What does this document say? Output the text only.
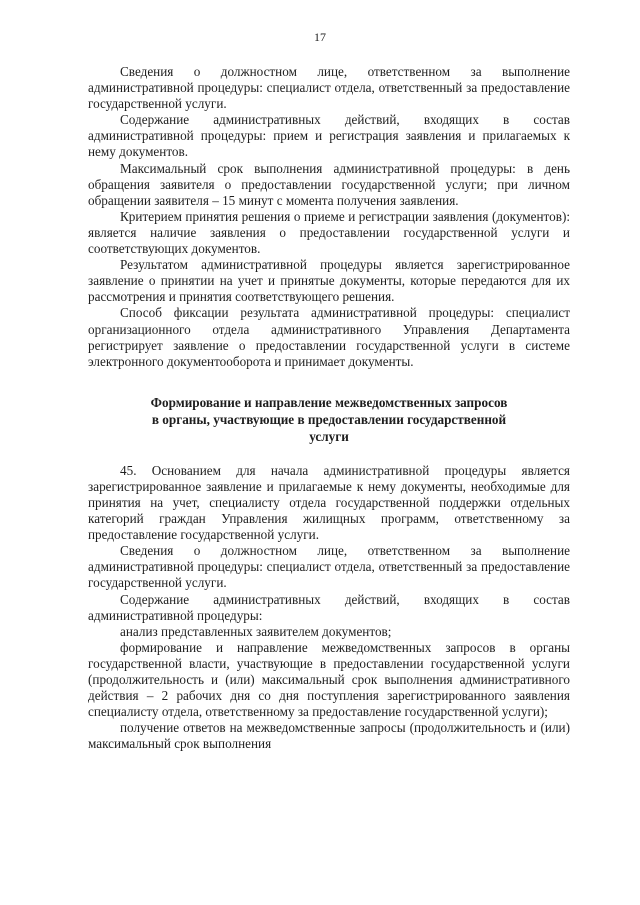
17

Сведения о должностном лице, ответственном за выполнение административной процедуры: специалист отдела, ответственный за предоставление государственной услуги.

Содержание административных действий, входящих в состав административной процедуры: прием и регистрация заявления и прилагаемых к нему документов.

Максимальный срок выполнения административной процедуры: в день обращения заявителя о предоставлении государственной услуги; при личном обращении заявителя – 15 минут с момента получения заявления.

Критерием принятия решения о приеме и регистрации заявления (документов): является наличие заявления о предоставлении государственной услуги и соответствующих документов.

Результатом административной процедуры является зарегистрированное заявление о принятии на учет и принятые документы, которые передаются для их рассмотрения и принятия соответствующего решения.

Способ фиксации результата административной процедуры: специалист организационного отдела административного Управления Департамента регистрирует заявление о предоставлении государственной услуги в системе электронного документооборота и принимает документы.

Формирование и направление межведомственных запросов
в органы, участвующие в предоставлении государственной
услуги

45. Основанием для начала административной процедуры является зарегистрированное заявление и прилагаемые к нему документы, необходимые для принятия на учет, специалисту отдела государственной поддержки отдельных категорий граждан Управления жилищных программ, ответственному за предоставление государственной услуги.

Сведения о должностном лице, ответственном за выполнение административной процедуры: специалист отдела, ответственный за предоставление государственной услуги.

Содержание административных действий, входящих в состав административной процедуры:

анализ представленных заявителем документов;

формирование и направление межведомственных запросов в органы государственной власти, участвующие в предоставлении государственной услуги (продолжительность и (или) максимальный срок выполнения административного действия – 2 рабочих дня со дня поступления зарегистрированного заявления специалисту отдела, ответственному за предоставление государственной услуги);

получение ответов на межведомственные запросы (продолжительность и (или) максимальный срок выполнения
